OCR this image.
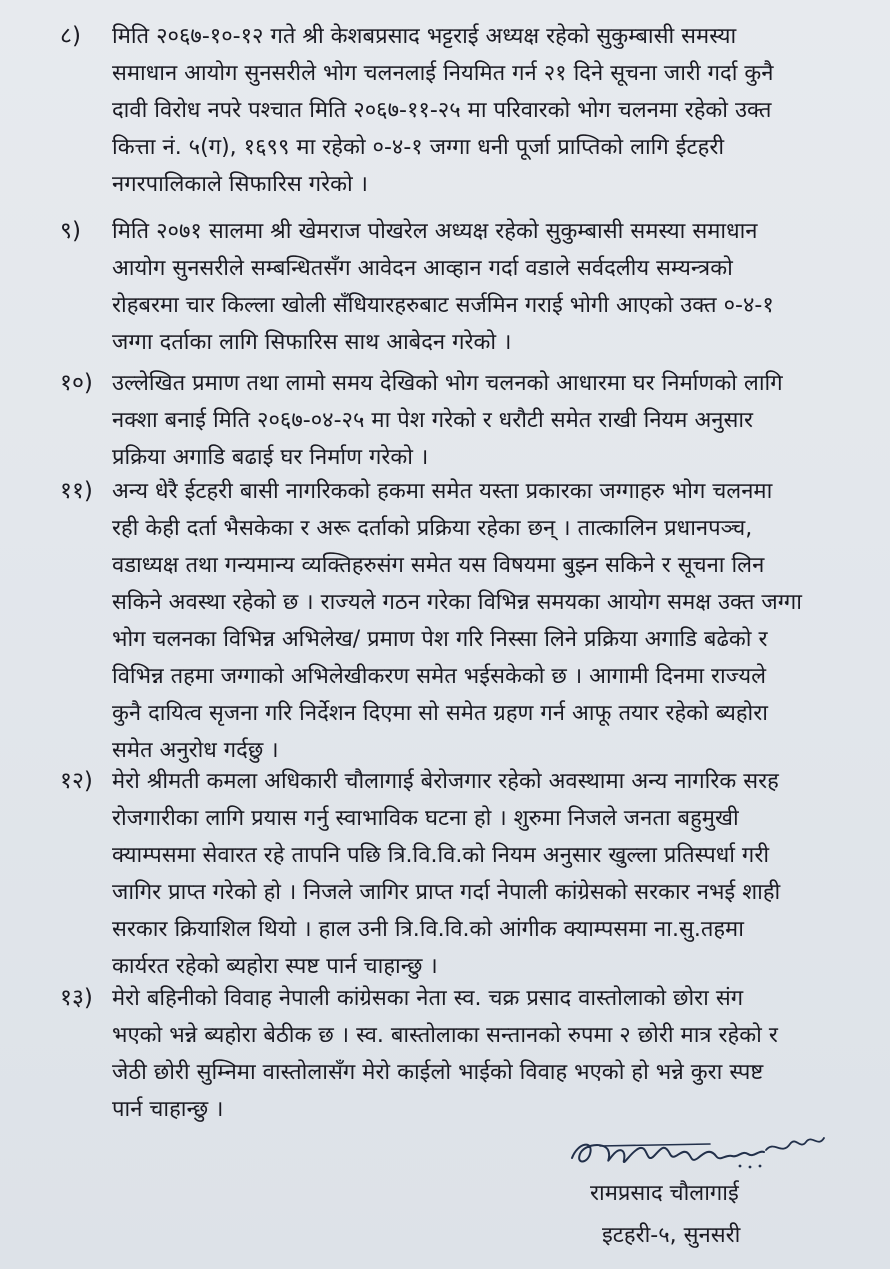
८) मिति २०६७-१०-१२ गते श्री केशबप्रसाद भट्टराई अध्यक्ष रहेको सुकुम्बासी समस्या
समाधान आयोग सुनसरीले भोग चलनलाई नियमित गर्न २१ दिने सूचना जारी गर्दा कुनै
दावी विरोध नपरे पश्चात मिति २०६७-११-२५ मा परिवारको भोग चलनमा रहेको उक्त
कित्ता नं. ५(ग), १६९९ मा रहेको ०-४-१ जग्गा धनी पूर्जा प्राप्तिको लागि ईटहरी
नगरपालिकाले सिफारिस गरेको ।
९) मिति २०७१ सालमा श्री खेमराज पोखरेल अध्यक्ष रहेको सुकुम्बासी समस्या समाधान
आयोग सुनसरीले सम्बन्धितसँग आवेदन आव्हान गर्दा वडाले सर्वदलीय सम्यन्त्रको
रोहबरमा चार किल्ला खोली सँधियारहरुबाट सर्जमिन गराई भोगी आएको उक्त ०-४-१
जग्गा दर्ताका लागि सिफारिस साथ आबेदन गरेको ।
१०) उल्लेखित प्रमाण तथा लामो समय देखिको भोग चलनको आधारमा घर निर्माणको लागि
नक्शा बनाई मिति २०६७-०४-२५ मा पेश गरेको र धरौटी समेत राखी नियम अनुसार
प्रक्रिया अगाडि बढाई घर निर्माण गरेको ।
११) अन्य धेरै ईटहरी बासी नागरिकको हकमा समेत यस्ता प्रकारका जग्गाहरु भोग चलनमा
रही केही दर्ता भैसकेका र अरू दर्ताको प्रक्रिया रहेका छन् । तात्कालिन प्रधानपञ्च,
वडाध्यक्ष तथा गन्यमान्य व्यक्तिहरुसंग समेत यस विषयमा बुझ्न सकिने र सूचना लिन
सकिने अवस्था रहेको छ । राज्यले गठन गरेका विभिन्न समयका आयोग समक्ष उक्त जग्गा
भोग चलनका विभिन्न अभिलेख/ प्रमाण पेश गरि निस्सा लिने प्रक्रिया अगाडि बढेको र
विभिन्न तहमा जग्गाको अभिलेखीकरण समेत भईसकेको छ । आगामी दिनमा राज्यले
कुनै दायित्व सृजना गरि निर्देशन दिएमा सो समेत ग्रहण गर्न आफू तयार रहेको ब्यहोरा
समेत अनुरोध गर्दछु ।
१२) मेरो श्रीमती कमला अधिकारी चौलागाई बेरोजगार रहेको अवस्थामा अन्य नागरिक सरह
रोजगारीका लागि प्रयास गर्नु स्वाभाविक घटना हो । शुरुमा निजले जनता बहुमुखी
क्याम्पसमा सेवारत रहे तापनि पछि त्रि.वि.वि.को नियम अनुसार खुल्ला प्रतिस्पर्धा गरी
जागिर प्राप्त गरेको हो । निजले जागिर प्राप्त गर्दा नेपाली कांग्रेसको सरकार नभई शाही
सरकार क्रियाशिल थियो । हाल उनी त्रि.वि.वि.को आंगीक क्याम्पसमा ना.सु.तहमा
कार्यरत रहेको ब्यहोरा स्पष्ट पार्न चाहान्छु ।
१३) मेरो बहिनीको विवाह नेपाली कांग्रेसका नेता स्व. चक्र प्रसाद वास्तोलाको छोरा संग
भएको भन्ने ब्यहोरा बेठीक छ । स्व. बास्तोलाका सन्तानको रुपमा २ छोरी मात्र रहेको र
जेठी छोरी सुम्निमा वास्तोलासँग मेरो काईलो भाईको विवाह भएको हो भन्ने कुरा स्पष्ट
पार्न चाहान्छु ।
रामप्रसाद चौलागाई
इटहरी-५, सुनसरी
